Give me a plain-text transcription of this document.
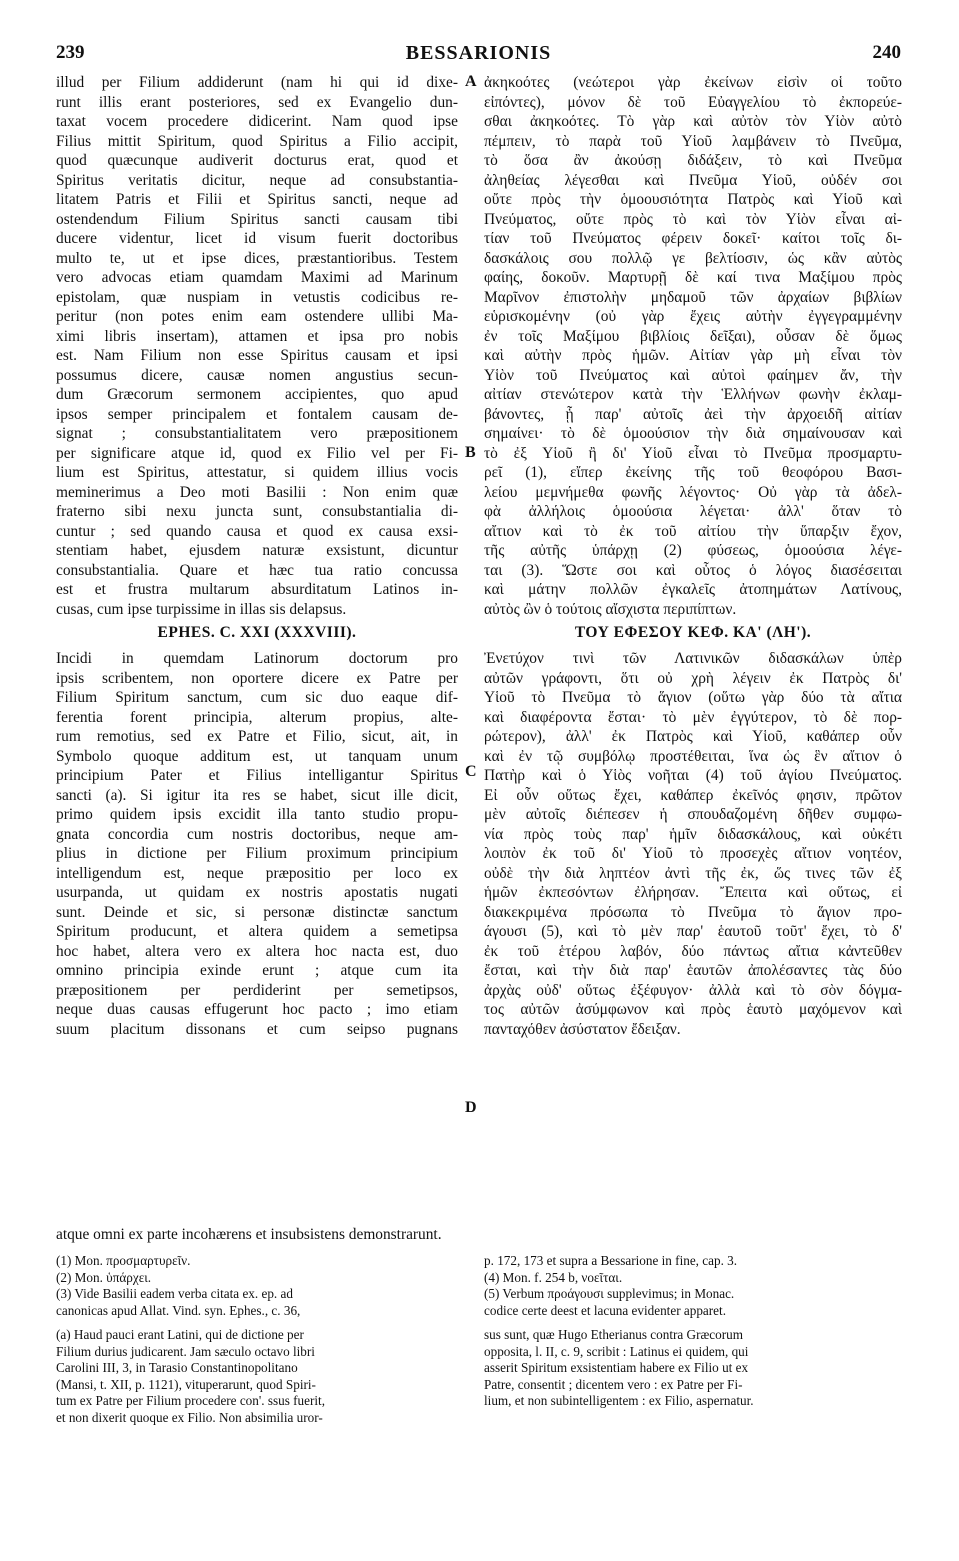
239	BESSARIONIS	240
A
B
C
D
illud per Filium addiderunt (nam hi qui id dixe-
runt illis erant posteriores, sed ex Evangelio dun-
taxat vocem procedere didicerint. Nam quod ipse
Filius mittit Spiritum, quod Spiritus a Filio accipit,
quod quæcunque audiverit docturus erat, quod et
Spiritus veritatis dicitur, neque ad consubstantia-
litatem Patris et Filii et Spiritus sancti, neque ad
ostendendum Filium Spiritus sancti causam tibi
ducere videntur, licet id visum fuerit doctoribus
multo te, ut et ipse dices, præstantioribus. Testem
vero advocas etiam quamdam Maximi ad Marinum
epistolam, quæ nuspiam in vetustis codicibus re-
peritur (non potes enim eam ostendere ullibi Ma-
ximi libris insertam), attamen et ipsa pro nobis
est. Nam Filium non esse Spiritus causam et ipsi
possumus dicere, causæ nomen angustius secun-
dum Græcorum sermonem accipientes, quo apud
ipsos semper principalem et fontalem causam de-
signat ; consubstantialitatem vero præpositionem
per significare atque id, quod ex Filio vel per Fi-
lium est Spiritus, attestatur, si quidem illius vocis
meminerimus a Deo moti Basilii : Non enim quæ
fraterno sibi nexu juncta sunt, consubstantialia di-
cuntur ; sed quando causa et quod ex causa exsi-
stentiam habet, ejusdem naturæ exsistunt, dicuntur
consubstantialia. Quare et hæc tua ratio concussa
est et frustra multarum absurditatum Latinos in-
cusas, cum ipse turpissime in illas sis delapsus.
EPHES. C. XXI (XXXVIII).
Incidi in quemdam Latinorum doctorum pro
ipsis scribentem, non oportere dicere ex Patre per
Filium Spiritum sanctum, cum sic duo eaque dif-
ferentia forent principia, alterum propius, alte-
rum remotius, sed ex Patre et Filio, sicut, ait, in
Symbolo quoque additum est, ut tanquam unum
principium Pater et Filius intelligantur Spiritus
sancti (a). Si igitur ita res se habet, sicut ille dicit,
primo quidem ipsis excidit illa tanto studio propu-
gnata concordia cum nostris doctoribus, neque am-
plius in dictione per Filium proximum principium
intelligendum est, neque præpositio per loco ex
usurpanda, ut quidam ex nostris apostatis nugati
sunt. Deinde et sic, si personæ distinctæ sanctum
Spiritum producunt, et altera quidem a semetipsa
hoc habet, altera vero ex altera hoc nacta est, duo
omnino principia exinde erunt ; atque cum ita
præpositionem per perdiderint per semetipsos,
neque duas causas effugerunt hoc pacto ; imo etiam
suum placitum dissonans et cum seipso pugnans
ἀκηκοότες (νεώτεροι γὰρ ἐκείνων εἰσὶν οἱ τοῦτο
εἰπόντες), μόνον δὲ τοῦ Εὐαγγελίου τὸ ἐκπορεύε-
σθαι ἀκηκοότες. Τὸ γὰρ καὶ αὐτὸν τὸν Υἱὸν αὐτὸ
πέμπειν, τὸ παρὰ τοῦ Υἱοῦ λαμβάνειν τὸ Πνεῦμα,
τὸ ὅσα ἂν ἀκούσῃ διδάξειν, τὸ καὶ Πνεῦμα
ἀληθείας λέγεσθαι καὶ Πνεῦμα Υἱοῦ, οὐδέν σοι
οὔτε πρὸς τὴν ὁμοουσιότητα Πατρὸς καὶ Υἱοῦ καὶ
Πνεύματος, οὔτε πρὸς τὸ καὶ τὸν Υἱὸν εἶναι αἰ-
τίαν τοῦ Πνεύματος φέρειν δοκεῖ· καίτοι τοῖς δι-
δασκάλοις σου πολλῷ γε βελτίοσιν, ὡς κἂν αὐτὸς
φαίης, δοκοῦν. Μαρτυρῇ δὲ καί τινα Μαξίμου πρὸς
Μαρῖνον ἐπιστολὴν μηδαμοῦ τῶν ἀρχαίων βιβλίων
εὑρισκομένην (οὐ γὰρ ἔχεις αὐτὴν ἐγγεγραμμένην
ἐν τοῖς Μαξίμου βιβλίοις δεῖξαι), οὖσαν δὲ ὅμως
καὶ αὐτὴν πρὸς ἡμῶν. Αἰτίαν γὰρ μὴ εἶναι τὸν
Υἱὸν τοῦ Πνεύματος καὶ αὐτοὶ φαίημεν ἄν, τὴν
αἰτίαν στενώτερον κατὰ τὴν Ἑλλήνων φωνὴν ἐκλαμ-
βάνοντες, ᾗ παρ' αὐτοῖς ἀεὶ τὴν ἀρχοειδῆ αἰτίαν
σημαίνει· τὸ δὲ ὁμοούσιον τὴν διὰ σημαίνουσαν καὶ
τὸ ἐξ Υἱοῦ ἢ δι' Υἱοῦ εἶναι τὸ Πνεῦμα προσμαρτυ-
ρεῖ (1), εἴπερ ἐκείνης τῆς τοῦ θεοφόρου Βασι-
λείου μεμνήμεθα φωνῆς λέγοντος· Οὐ γὰρ τὰ ἀδελ-
φὰ ἀλλήλοις ὁμοούσια λέγεται· ἀλλ' ὅταν τὸ
αἴτιον καὶ τὸ ἐκ τοῦ αἰτίου τὴν ὕπαρξιν ἔχον,
τῆς αὐτῆς ὑπάρχῃ (2) φύσεως, ὁμοούσια λέγε-
ται (3). Ὥστε σοι καὶ οὗτος ὁ λόγος διασέσειται
καὶ μάτην πολλῶν ἐγκαλεῖς ἀτοπημάτων Λατίνους,
αὐτὸς ὢν ὁ τούτοις αἴσχιστα περιπίπτων.
ΤΟΥ ΕΦΕΣΟΥ ΚΕΦ. ΚΑ' (ΛΗ').
Ἐνετύχον τινὶ τῶν Λατινικῶν διδασκάλων ὑπὲρ
αὐτῶν γράφοντι, ὅτι οὐ χρὴ λέγειν ἐκ Πατρὸς δι'
Υἱοῦ τὸ Πνεῦμα τὸ ἅγιον (οὕτω γὰρ δύο τὰ αἴτια
καὶ διαφέροντα ἔσται· τὸ μὲν ἐγγύτερον, τὸ δὲ πορ-
ρώτερον), ἀλλ' ἐκ Πατρὸς καὶ Υἱοῦ, καθάπερ οὖν
καὶ ἐν τῷ συμβόλῳ προστέθειται, ἵνα ὡς ἓν αἴτιον ὁ
Πατὴρ καὶ ὁ Υἱὸς νοῆται (4) τοῦ ἁγίου Πνεύματος.
Εἰ οὖν οὕτως ἔχει, καθάπερ ἐκεῖνός φησιν, πρῶτον
μὲν αὐτοῖς διέπεσεν ἡ σπουδαζομένη δῆθεν συμφω-
νία πρὸς τοὺς παρ' ἡμῖν διδασκάλους, καὶ οὐκέτι
λοιπὸν ἐκ τοῦ δι' Υἱοῦ τὸ προσεχὲς αἴτιον νοητέον,
οὐδὲ τὴν διὰ ληπτέον ἀντὶ τῆς ἐκ, ὥς τινες τῶν ἐξ
ἡμῶν ἐκπεσόντων ἐλήρησαν. Ἔπειτα καὶ οὕτως, εἰ
διακεκριμένα πρόσωπα τὸ Πνεῦμα τὸ ἅγιον προ-
άγουσι (5), καὶ τὸ μὲν παρ' ἑαυτοῦ τοῦτ' ἔχει, τὸ δ'
ἐκ τοῦ ἑτέρου λαβόν, δύο πάντως αἴτια κἀντεῦθεν
ἔσται, καὶ τὴν διὰ παρ' ἑαυτῶν ἀπολέσαντες τὰς δύο
ἀρχὰς οὐδ' οὕτως ἐξέφυγον· ἀλλὰ καὶ τὸ σὸν δόγμα-
τος αὐτῶν ἀσύμφωνον καὶ πρὸς ἑαυτὸ μαχόμενον καὶ
πανταχόθεν ἀσύστατον ἔδειξαν.
atque omni ex parte incohærens et insubsistens demonstrarunt.
(1) Mon. προσμαρτυρεῖν.
(2) Mon. ὑπάρχει.
(3) Vide Basilii eadem verba citata ex. ep. ad
canonicas apud Allat. Vind. syn. Ephes., c. 36,
(a) Haud pauci erant Latini, qui de dictione per
Filium durius judicarent. Jam sæculo octavo libri
Carolini III, 3, in Tarasio Constantinopolitano
(Mansi, t. XII, p. 1121), vituperarunt, quod Spiri-
tum ex Patre per Filium procedere con'. ssus fuerit,
et non dixerit quoque ex Filio. Non absimilia uror-
p. 172, 173 et supra a Bessarione in fine, cap. 3.
(4) Mon. f. 254 b, νοεῖται.
(5) Verbum προάγουσι supplevimus; in Monac.
codice certe deest et lacuna evidenter apparet.
sus sunt, quæ Hugo Etherianus contra Græcorum
opposita, l. II, c. 9, scribit : Latinus ei quidem, qui
asserit Spiritum exsistentiam habere ex Filio ut ex
Patre, consentit ; dicentem vero : ex Patre per Fi-
lium, et non subintelligentem : ex Filio, aspernatur.
